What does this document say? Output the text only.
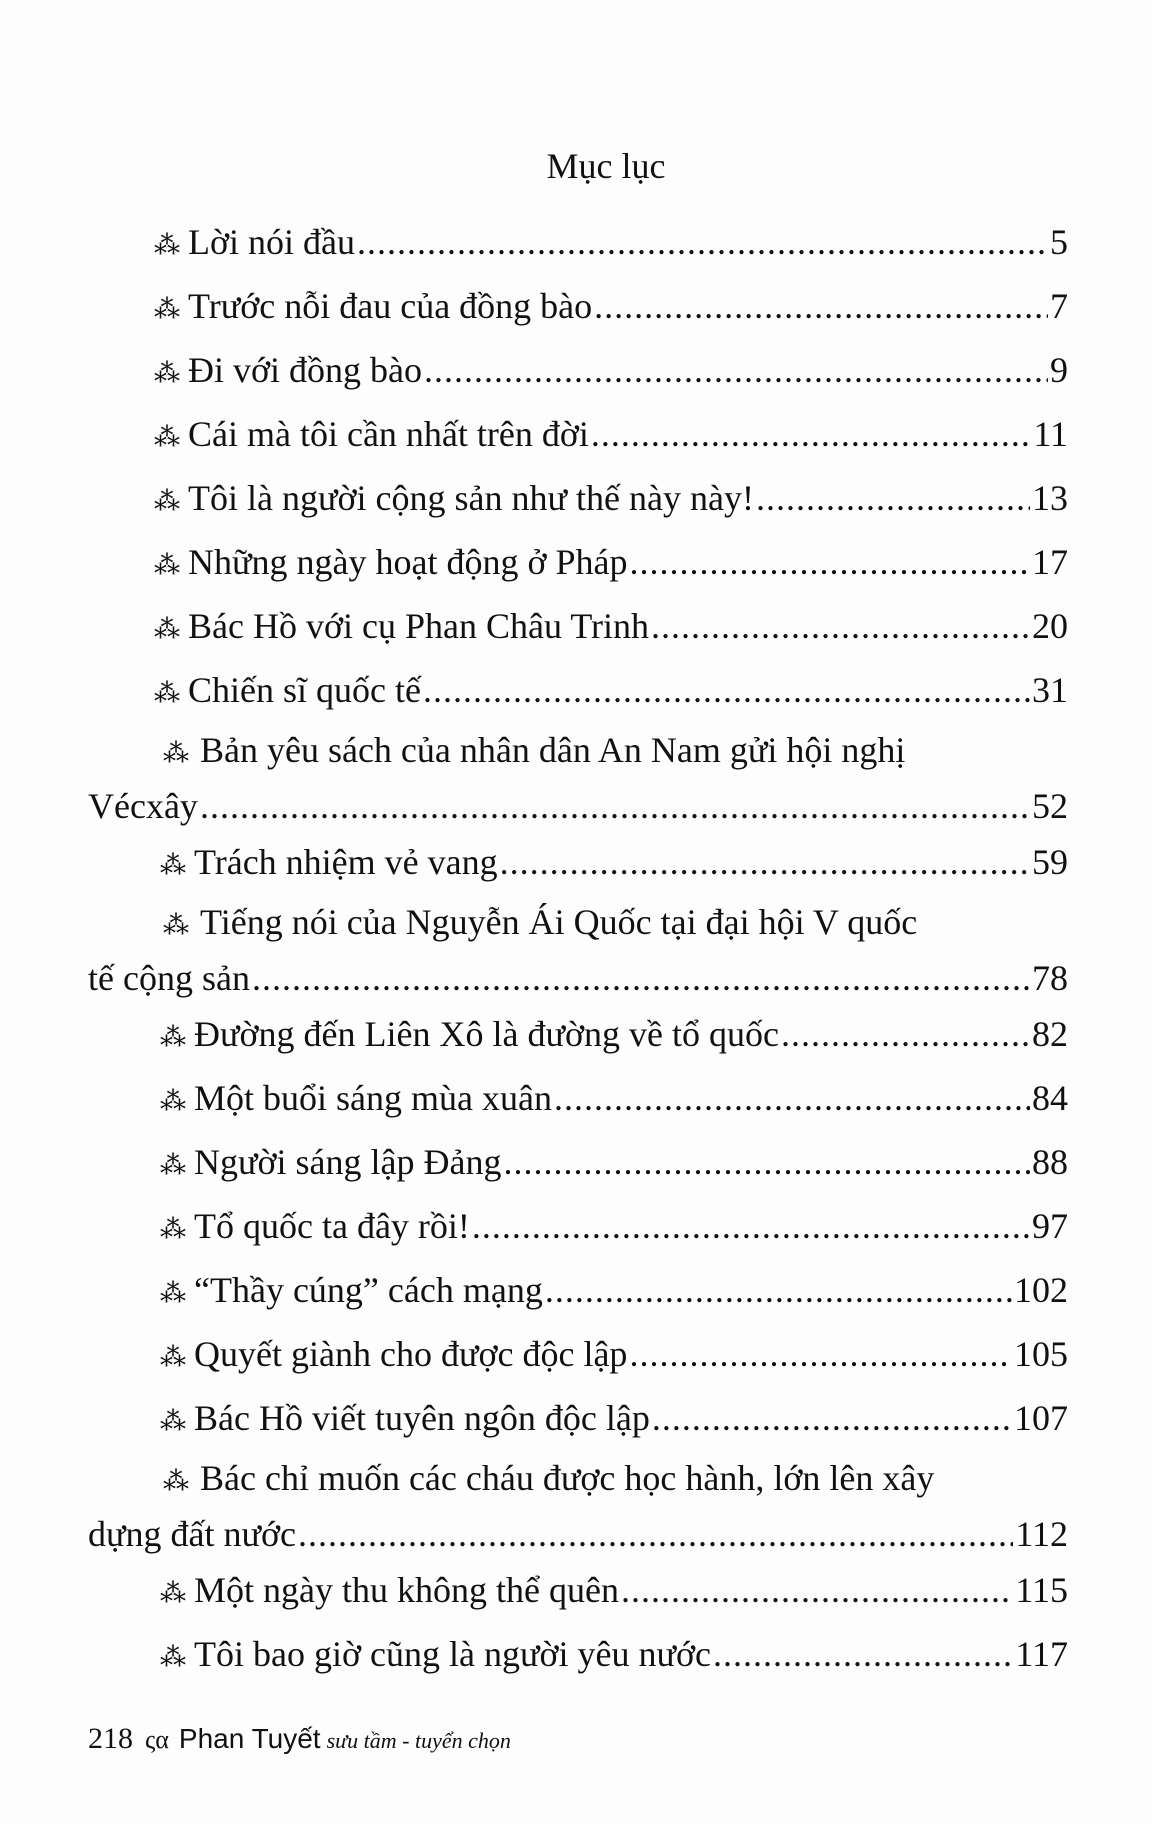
Mục lục
⁂ Lời nói đầu .....	5
⁂ Trước nỗi đau của đồng bào .....	7
⁂ Đi với đồng bào .....	9
⁂ Cái mà tôi cần nhất trên đời .....	11
⁂ Tôi là người cộng sản như thế này này! .....	13
⁂ Những ngày hoạt động ở Pháp .....	17
⁂ Bác Hồ với cụ Phan Châu Trinh .....	20
⁂ Chiến sĩ quốc tế .....	31
⁂ Bản yêu sách của nhân dân An Nam gửi hội nghị
Vécxây .....	52
⁂ Trách nhiệm vẻ vang .....	59
⁂ Tiếng nói của Nguyễn Ái Quốc tại đại hội V quốc
tế cộng sản .....	78
⁂ Đường đến Liên Xô là đường về tổ quốc .....	82
⁂ Một buổi sáng mùa xuân .....	84
⁂ Người sáng lập Đảng .....	88
⁂ Tổ quốc ta đây rồi! .....	97
⁂ “Thầy cúng” cách mạng .....	102
⁂ Quyết giành cho được độc lập .....	105
⁂ Bác Hồ viết tuyên ngôn độc lập .....	107
⁂ Bác chỉ muốn các cháu được học hành, lớn lên xây
dựng đất nước .....	112
⁂ Một ngày thu không thể quên .....	115
⁂ Tôi bao giờ cũng là người yêu nước .....	117
218 ςα Phan Tuyết sưu tầm - tuyển chọn
